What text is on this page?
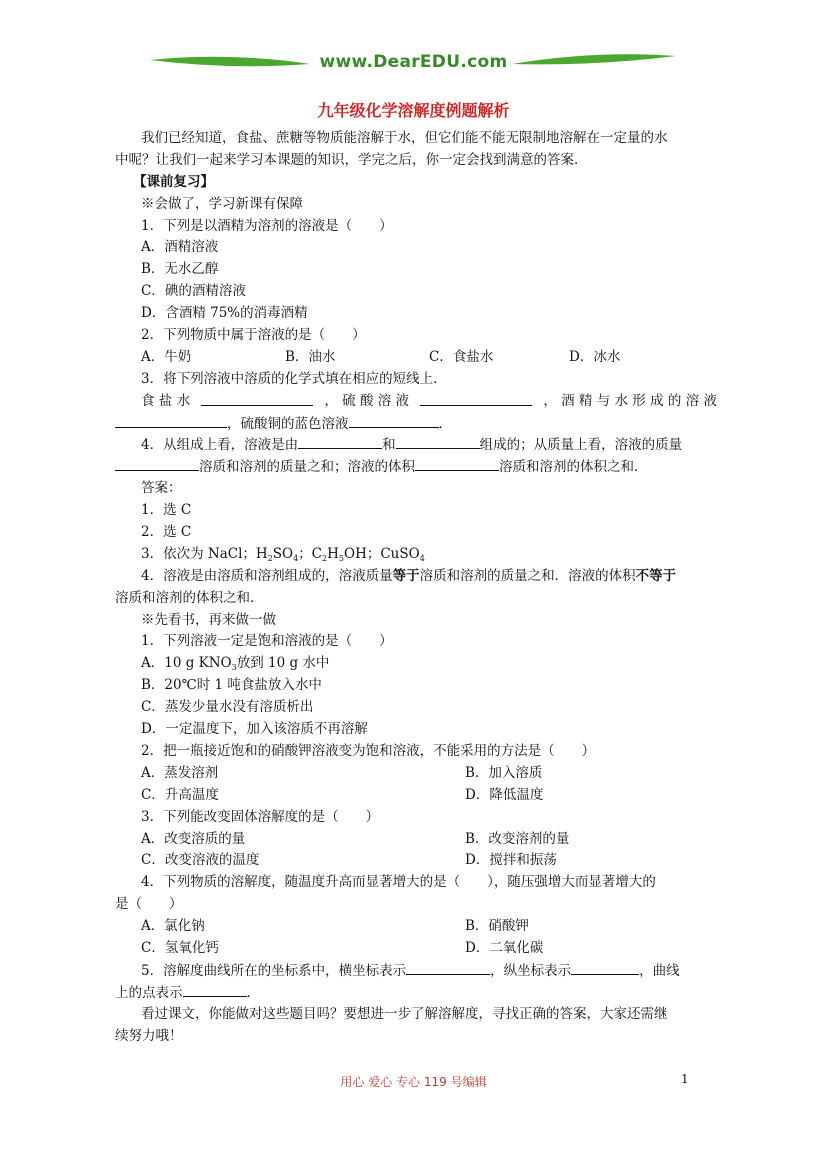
www.DearEDU.com
九年级化学溶解度例题解析
我们已经知道，食盐、蔗糖等物质能溶解于水，但它们能不能无限制地溶解在一定量的水
中呢？让我们一起来学习本课题的知识，学完之后，你一定会找到满意的答案．
【课前复习】
※会做了，学习新课有保障
1．下列是以酒精为溶剂的溶液是（　　）
A．酒精溶液
B．无水乙醇
C．碘的酒精溶液
D．含酒精 75%的消毒酒精
2．下列物质中属于溶液的是（　　）
A．牛奶	B．油水	C．食盐水	D．冰水
3．将下列溶液中溶质的化学式填在相应的短线上．
食 盐 水	， 硫 酸 溶 液	， 酒 精 与 水 形 成 的 溶 液
，硫酸铜的蓝色溶液	．
4．从组成上看，溶液是由	和	组成的；从质量上看，溶液的质量
溶质和溶剂的质量之和；溶液的体积	溶质和溶剂的体积之和．
答案：
1．选 C
2．选 C
3．依次为 NaCl；$H_2SO_4$；$C_2H_5OH$；CuSO$_4$
4．溶液是由溶质和溶剂组成的，溶液质量等于溶质和溶剂的质量之和．溶液的体积不等于
溶质和溶剂的体积之和．
※先看书，再来做一做
1．下列溶液一定是饱和溶液的是（　　）
A．10 g $KNO_3$放到 10 g 水中
B．20℃时 1 吨食盐放入水中
C．蒸发少量水没有溶质析出
D．一定温度下，加入该溶质不再溶解
2．把一瓶接近饱和的硝酸钾溶液变为饱和溶液，不能采用的方法是（　　）
A．蒸发溶剂	B．加入溶质
C．升高温度	D．降低温度
3．下列能改变固体溶解度的是（　　）
A．改变溶质的量	B．改变溶剂的量
C．改变溶液的温度	D．搅拌和振荡
4．下列物质的溶解度，随温度升高而显著增大的是（　　），随压强增大而显著增大的
是（　　）
A．氯化钠	B．硝酸钾
C．氢氧化钙	D．二氧化碳
5．溶解度曲线所在的坐标系中，横坐标表示	，纵坐标表示	，曲线
上的点表示	．
看过课文，你能做对这些题目吗？要想进一步了解溶解度，寻找正确的答案，大家还需继
续努力哦！
用心 爱心 专心 119 号编辑	1
